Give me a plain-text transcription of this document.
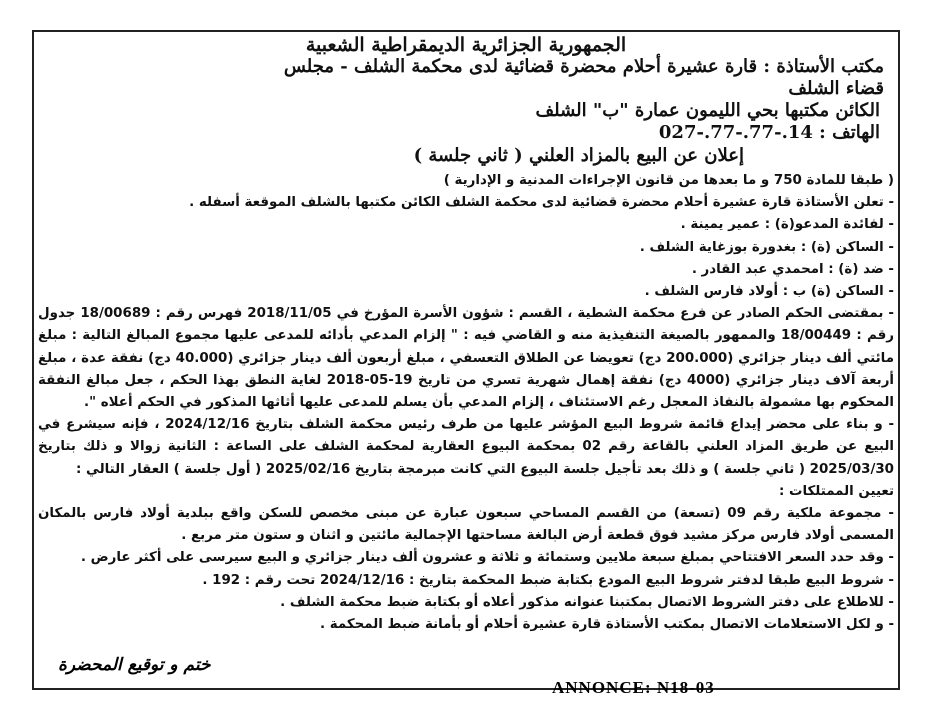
الجمهورية الجزائرية الديمقراطية الشعبية
مكتب الأستاذة : قارة عشيرة أحلام محضرة قضائية لدى محكمة الشلف - مجلس
قضاء الشلف
الكائن مكتبها بحي الليمون عمارة "ب" الشلف
الهاتف : 14.-77.-77.-027
إعلان عن البيع بالمزاد العلني ( ثاني جلسة )
( طبقا للمادة 750 و ما بعدها من قانون الإجراءات المدنية و الإدارية )
- تعلن الأستاذة قارة عشيرة أحلام محضرة قضائية لدى محكمة الشلف الكائن مكتبها بالشلف الموقعة أسفله .
- لفائدة المدعو(ة) : عمير يمينة .
- الساكن (ة) : بغدورة بوزغاية الشلف .
- ضد (ة) : امحمدي عبد القادر .
- الساكن (ة) ب : أولاد فارس الشلف .
- بمقتضى الحكم الصادر عن فرع محكمة الشطية ، القسم : شؤون الأسرة المؤرخ في 2018/11/05 فهرس رقم : 18/00689 جدول
رقم : 18/00449 والممهور بالصيغة التنفيذية منه و القاضي فيه : " إلزام المدعي بأدائه للمدعى عليها مجموع المبالغ التالية : مبلغ
مائتي ألف دينار جزائري (200.000 دج) تعويضا عن الطلاق التعسفي ، مبلغ أربعون ألف دينار جزائري (40.000 دج) نفقة عدة ، مبلغ
أربعة آلاف دينار جزائري (4000 دج) نفقة إهمال شهرية تسري من تاريخ 19-05-2018 لغاية النطق بهذا الحكم ، جعل مبالغ النفقة
المحكوم بها مشمولة بالنفاذ المعجل رغم الاستئناف ، إلزام المدعي بأن يسلم للمدعى عليها أثاثها المذكور في الحكم أعلاه ".
- و بناء على محضر إيداع قائمة شروط البيع المؤشر عليها من طرف رئيس محكمة الشلف بتاريخ 2024/12/16 ، فإنه سيشرع في
البيع عن طريق المزاد العلني بالقاعة رقم 02 بمحكمة البيوع العقارية لمحكمة الشلف على الساعة : الثانية زوالا و ذلك بتاريخ
2025/03/30 ( ثاني جلسة ) و ذلك بعد تأجيل جلسة البيوع التي كانت مبرمجة بتاريخ 2025/02/16 ( أول جلسة ) العقار التالي :
تعيين الممتلكات :
- مجموعة ملكية رقم 09 (تسعة) من القسم المساحي سبعون عبارة عن مبنى مخصص للسكن واقع ببلدية أولاد فارس بالمكان
المسمى أولاد فارس مركز مشيد فوق قطعة أرض البالغة مساحتها الإجمالية مائتين و اثنان و ستون متر مربع .
- وقد حدد السعر الافتتاحي بمبلغ سبعة ملايين وستمائة و ثلاثة و عشرون ألف دينار جزائري و البيع سيرسى على أكثر عارض .
- شروط البيع طبقا لدفتر شروط البيع المودع بكتابة ضبط المحكمة بتاريخ : 2024/12/16 تحت رقم : 192 .
- للاطلاع على دفتر الشروط الاتصال بمكتبنا عنوانه مذكور أعلاه أو بكتابة ضبط محكمة الشلف .
- و لكل الاستعلامات الاتصال بمكتب الأستاذة قارة عشيرة أحلام أو بأمانة ضبط المحكمة .
ختم و توقيع المحضرة
ANNONCE: N18-03
